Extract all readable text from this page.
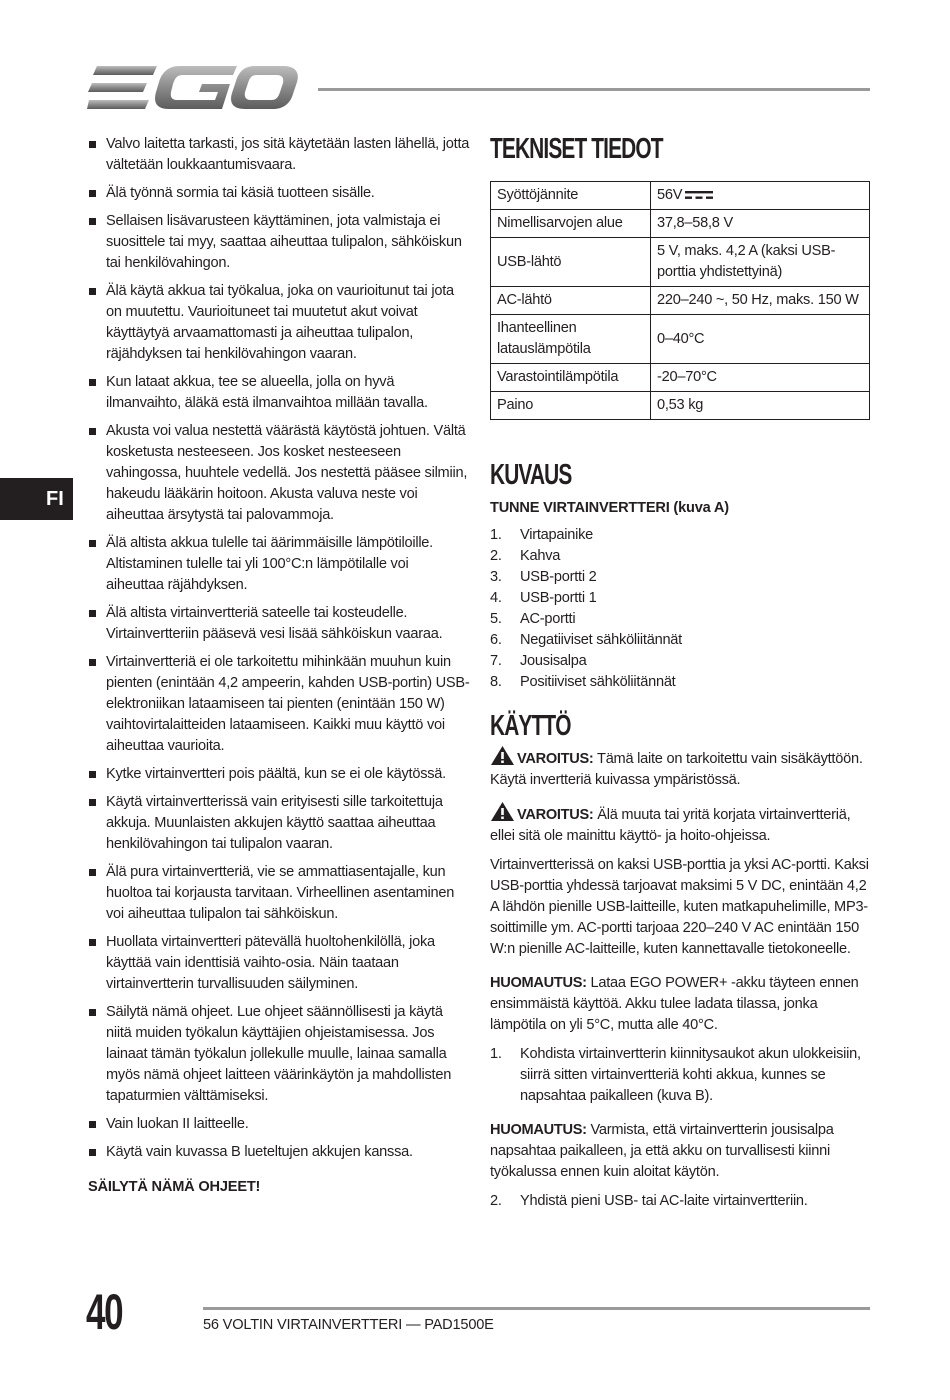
FI
Valvo laitetta tarkasti, jos sitä käytetään lasten lähellä, jotta vältetään loukkaantumisvaara.
Älä työnnä sormia tai käsiä tuotteen sisälle.
Sellaisen lisävarusteen käyttäminen, jota valmistaja ei suosittele tai myy, saattaa aiheuttaa tulipalon, sähköiskun tai henkilövahingon.
Älä käytä akkua tai työkalua, joka on vaurioitunut tai jota on muutettu. Vaurioituneet tai muutetut akut voivat käyttäytyä arvaamattomasti ja aiheuttaa tulipalon, räjähdyksen tai henkilövahingon vaaran.
Kun lataat akkua, tee se alueella, jolla on hyvä ilmanvaihto, äläkä estä ilmanvaihtoa millään tavalla.
Akusta voi valua nestettä väärästä käytöstä johtuen. Vältä kosketusta nesteeseen. Jos kosket nesteeseen vahingossa, huuhtele vedellä. Jos nestettä pääsee silmiin, hakeudu lääkärin hoitoon. Akusta valuva neste voi aiheuttaa ärsytystä tai palovammoja.
Älä altista akkua tulelle tai äärimmäisille lämpötiloille. Altistaminen tulelle tai yli 100°C:n lämpötilalle voi aiheuttaa räjähdyksen.
Älä altista virtainvertteriä sateelle tai kosteudelle. Virtainvertteriin pääsevä vesi lisää sähköiskun vaaraa.
Virtainvertteriä ei ole tarkoitettu mihinkään muuhun kuin pienten (enintään 4,2 ampeerin, kahden USB-portin) USB-elektroniikan lataamiseen tai pienten (enintään 150 W) vaihtovirtalaitteiden lataamiseen. Kaikki muu käyttö voi aiheuttaa vaurioita.
Kytke virtainvertteri pois päältä, kun se ei ole käytössä.
Käytä virtainvertterissä vain erityisesti sille tarkoitettuja akkuja. Muunlaisten akkujen käyttö saattaa aiheuttaa henkilövahingon tai tulipalon vaaran.
Älä pura virtainvertteriä, vie se ammattiasentajalle, kun huoltoa tai korjausta tarvitaan. Virheellinen asentaminen voi aiheuttaa tulipalon tai sähköiskun.
Huollata virtainvertteri pätevällä huoltohenkilöllä, joka käyttää vain identtisiä vaihto-osia. Näin taataan virtainvertterin turvallisuuden säilyminen.
Säilytä nämä ohjeet. Lue ohjeet säännöllisesti ja käytä niitä muiden työkalun käyttäjien ohjeistamisessa. Jos lainaat tämän työkalun jollekulle muulle, lainaa samalla myös nämä ohjeet laitteen väärinkäytön ja mahdollisten tapaturmien välttämiseksi.
Vain luokan II laitteelle.
Käytä vain kuvassa B lueteltujen akkujen kanssa.
SÄILYTÄ NÄMÄ OHJEET!
TEKNISET TIEDOT
Syöttöjännite	56V
Nimellisarvojen alue	37,8–58,8 V
USB-lähtö	5 V, maks. 4,2 A (kaksi USB-porttia yhdistettyinä)
AC-lähtö	220–240 ~, 50 Hz, maks. 150 W
Ihanteellinen latauslämpötila	0–40°C
Varastointilämpötila	-20–70°C
Paino	0,53 kg
KUVAUS
TUNNE VIRTAINVERTTERI (kuva A)
1.	Virtapainike
2.	Kahva
3.	USB-portti 2
4.	USB-portti 1
5.	AC-portti
6.	Negatiiviset sähköliitännät
7.	Jousisalpa
8.	Positiiviset sähköliitännät
KÄYTTÖ

VAROITUS: Tämä laite on tarkoitettu vain sisäkäyttöön. Käytä invertteriä kuivassa ympäristössä.

VAROITUS: Älä muuta tai yritä korjata virtainvertteriä, ellei sitä ole mainittu käyttö- ja hoito-ohjeissa.

Virtainvertterissä on kaksi USB-porttia ja yksi AC-portti. Kaksi USB-porttia yhdessä tarjoavat maksimi 5 V DC, enintään 4,2 A lähdön pienille USB-laitteille, kuten matkapuhelimille, MP3-soittimille ym. AC-portti tarjoaa 220–240 V AC enintään 150 W:n pienille AC-laitteille, kuten kannettavalle tietokoneelle.

HUOMAUTUS: Lataa EGO POWER+ -akku täyteen ennen ensimmäistä käyttöä. Akku tulee ladata tilassa, jonka lämpötila on yli 5°C, mutta alle 40°C.

1.	Kohdista virtainvertterin kiinnitysaukot akun ulokkeisiin, siirrä sitten virtainvertteriä kohti akkua, kunnes se napsahtaa paikalleen (kuva B).

HUOMAUTUS: Varmista, että virtainvertterin jousisalpa napsahtaa paikalleen, ja että akku on turvallisesti kiinni työkalussa ennen kuin aloitat käytön.

2.	Yhdistä pieni USB- tai AC-laite virtainvertteriin.
40	56 VOLTIN VIRTAINVERTTERI — PAD1500E
